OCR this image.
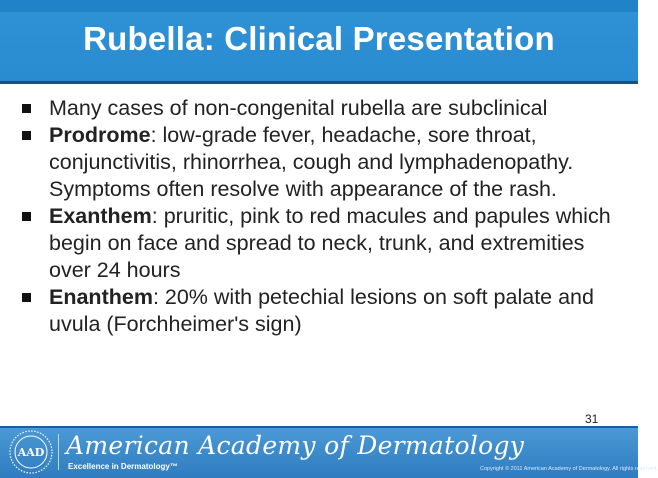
Rubella: Clinical Presentation
Many cases of non-congenital rubella are subclinical
Prodrome: low-grade fever, headache, sore throat, conjunctivitis, rhinorrhea, cough and lymphadenopathy. Symptoms often resolve with appearance of the rash.
Exanthem: pruritic, pink to red macules and papules which begin on face and spread to neck, trunk, and extremities over 24 hours
Enanthem: 20% with petechial lesions on soft palate and uvula (Forchheimer's sign)
31
AAD American Academy of Dermatology
Excellence in Dermatology™	Copyright © 2011 American Academy of Dermatology. All rights reserved.
